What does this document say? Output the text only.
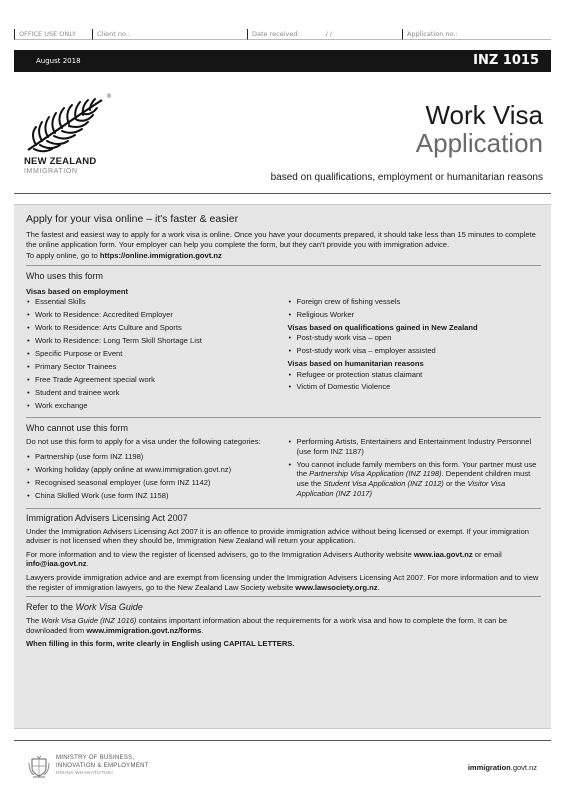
OFFICE USE ONLY	Client no.:	Date received:	/ /	Application no.:
August 2018	INZ 1015
®
NEW ZEALAND
IMMIGRATION
Work Visa
Application
based on qualifications, employment or humanitarian reasons
Apply for your visa online – it's faster & easier

The fastest and easiest way to apply for a work visa is online. Once you have your documents prepared, it should take less than 15 minutes to complete the online application form. Your employer can help you complete the form, but they can't provide you with immigration advice.

To apply online, go to https://online.immigration.govt.nz

Who uses this form
Visas based on employment
• Essential Skills
• Work to Residence: Accredited Employer
• Work to Residence: Arts Culture and Sports
• Work to Residence: Long Term Skill Shortage List
• Specific Purpose or Event
• Primary Sector Trainees
• Free Trade Agreement special work
• Student and trainee work
• Work exchange
• Foreign crew of fishing vessels
• Religious Worker
Visas based on qualifications gained in New Zealand
• Post-study work visa – open
• Post-study work visa – employer assisted
Visas based on humanitarian reasons
• Refugee or protection status claimant
• Victim of Domestic Violence
Who cannot use this form

Do not use this form to apply for a visa under the following categories:

• Partnership (use form INZ 1198)
• Working holiday (apply online at www.immigration.govt.nz)
• Recognised seasonal employer (use form INZ 1142)
• China Skilled Work (use form INZ 1158)
• Performing Artists, Entertainers and Entertainment Industry Personnel (use form INZ 1187)
• You cannot include family members on this form. Your partner must use the Partnership Visa Application (INZ 1198). Dependent children must use the Student Visa Application (INZ 1012) or the Visitor Visa Application (INZ 1017)
Immigration Advisers Licensing Act 2007

Under the Immigration Advisers Licensing Act 2007 it is an offence to provide immigration advice without being licensed or exempt. If your immigration adviser is not licensed when they should be, Immigration New Zealand will return your application.

For more information and to view the register of licensed advisers, go to the Immigration Advisers Authority website www.iaa.govt.nz or email info@iaa.govt.nz.

Lawyers provide immigration advice and are exempt from licensing under the Immigration Advisers Licensing Act 2007. For more information and to view the register of immigration lawyers, go to the New Zealand Law Society website www.lawsociety.org.nz.

Refer to the Work Visa Guide

The Work Visa Guide (INZ 1016) contains important information about the requirements for a work visa and how to complete the form. It can be downloaded from www.immigration.govt.nz/forms.

When filling in this form, write clearly in English using CAPITAL LETTERS.

MINISTRY OF BUSINESS,
INNOVATION & EMPLOYMENT
HĪKINA WHAKATUTUKI
immigration.govt.nz
